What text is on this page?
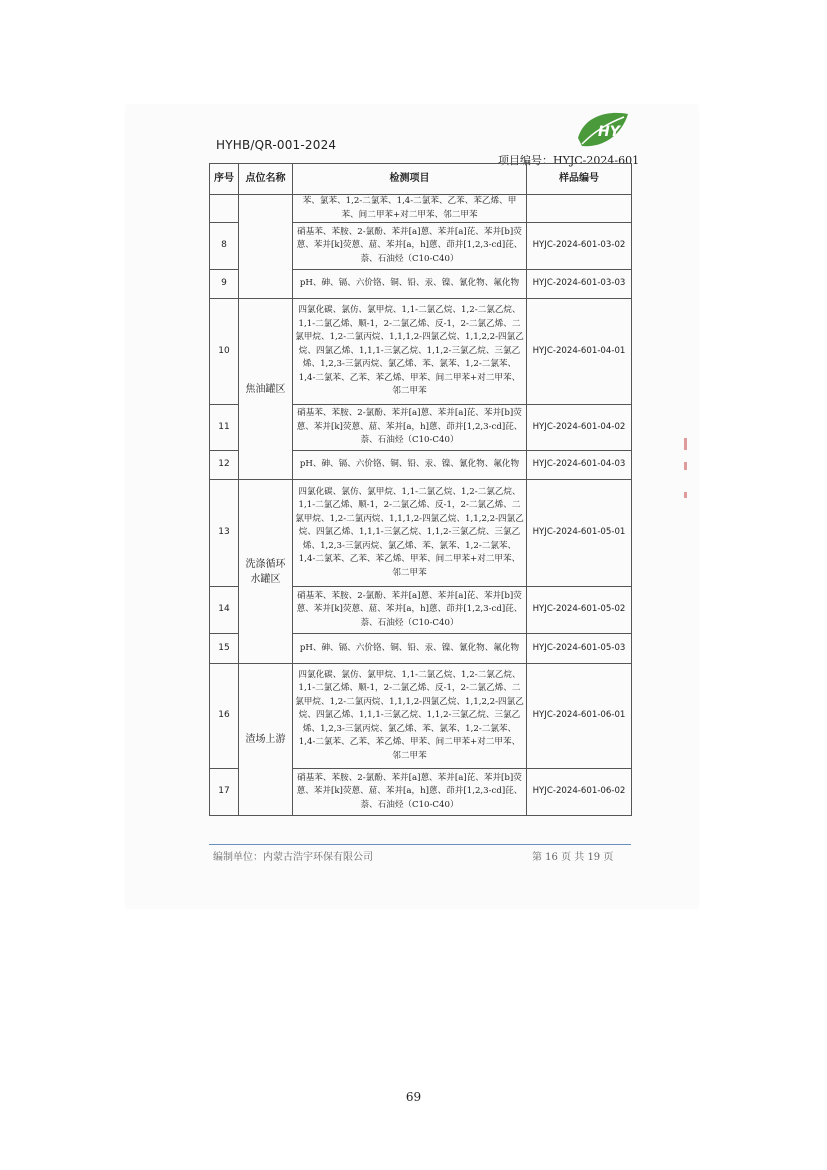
HYHB/QR-001-2024
HY
项目编号：HYJC-2024-601
序号	点位名称	检测项目	样品编号
		苯、氯苯、1,2-二氯苯、1,4-二氯苯、乙苯、苯乙烯、甲苯、间二甲苯+对二甲苯、邻二甲苯	
8		硝基苯、苯胺、2-氯酚、苯并[a]蒽、苯并[a]芘、苯并[b]荧蒽、苯并[k]荧蒽、䓛、苯并[a，h]蒽、茚并[1,2,3-cd]芘、萘、石油烃（C10-C40）	HYJC-2024-601-03-02
9		pH、砷、镉、六价铬、铜、铅、汞、镍、氰化物、氟化物	HYJC-2024-601-03-03
10	焦油罐区	四氯化碳、氯仿、氯甲烷、1,1-二氯乙烷、1,2-二氯乙烷、1,1-二氯乙烯、顺-1，2-二氯乙烯、反-1，2-二氯乙烯、二氯甲烷、1,2-二氯丙烷、1,1,1,2-四氯乙烷、1,1,2,2-四氯乙烷、四氯乙烯、1,1,1-三氯乙烷、1,1,2-三氯乙烷、三氯乙烯、1,2,3-三氯丙烷、氯乙烯、苯、氯苯、1,2-二氯苯、1,4-二氯苯、乙苯、苯乙烯、甲苯、间二甲苯+对二甲苯、邻二甲苯	HYJC-2024-601-04-01
11		硝基苯、苯胺、2-氯酚、苯并[a]蒽、苯并[a]芘、苯并[b]荧蒽、苯并[k]荧蒽、䓛、苯并[a，h]蒽、茚并[1,2,3-cd]芘、萘、石油烃（C10-C40）	HYJC-2024-601-04-02
12		pH、砷、镉、六价铬、铜、铅、汞、镍、氰化物、氟化物	HYJC-2024-601-04-03
13	洗涤循环水罐区	四氯化碳、氯仿、氯甲烷、1,1-二氯乙烷、1,2-二氯乙烷、1,1-二氯乙烯、顺-1，2-二氯乙烯、反-1，2-二氯乙烯、二氯甲烷、1,2-二氯丙烷、1,1,1,2-四氯乙烷、1,1,2,2-四氯乙烷、四氯乙烯、1,1,1-三氯乙烷、1,1,2-三氯乙烷、三氯乙烯、1,2,3-三氯丙烷、氯乙烯、苯、氯苯、1,2-二氯苯、1,4-二氯苯、乙苯、苯乙烯、甲苯、间二甲苯+对二甲苯、邻二甲苯	HYJC-2024-601-05-01
14		硝基苯、苯胺、2-氯酚、苯并[a]蒽、苯并[a]芘、苯并[b]荧蒽、苯并[k]荧蒽、䓛、苯并[a，h]蒽、茚并[1,2,3-cd]芘、萘、石油烃（C10-C40）	HYJC-2024-601-05-02
15		pH、砷、镉、六价铬、铜、铅、汞、镍、氰化物、氟化物	HYJC-2024-601-05-03
16	渣场上游	四氯化碳、氯仿、氯甲烷、1,1-二氯乙烷、1,2-二氯乙烷、1,1-二氯乙烯、顺-1，2-二氯乙烯、反-1，2-二氯乙烯、二氯甲烷、1,2-二氯丙烷、1,1,1,2-四氯乙烷、1,1,2,2-四氯乙烷、四氯乙烯、1,1,1-三氯乙烷、1,1,2-三氯乙烷、三氯乙烯、1,2,3-三氯丙烷、氯乙烯、苯、氯苯、1,2-二氯苯、1,4-二氯苯、乙苯、苯乙烯、甲苯、间二甲苯+对二甲苯、邻二甲苯	HYJC-2024-601-06-01
17		硝基苯、苯胺、2-氯酚、苯并[a]蒽、苯并[a]芘、苯并[b]荧蒽、苯并[k]荧蒽、䓛、苯并[a，h]蒽、茚并[1,2,3-cd]芘、萘、石油烃（C10-C40）	HYJC-2024-601-06-02
编制单位：内蒙古浩宇环保有限公司	第 16 页 共 19 页
69
